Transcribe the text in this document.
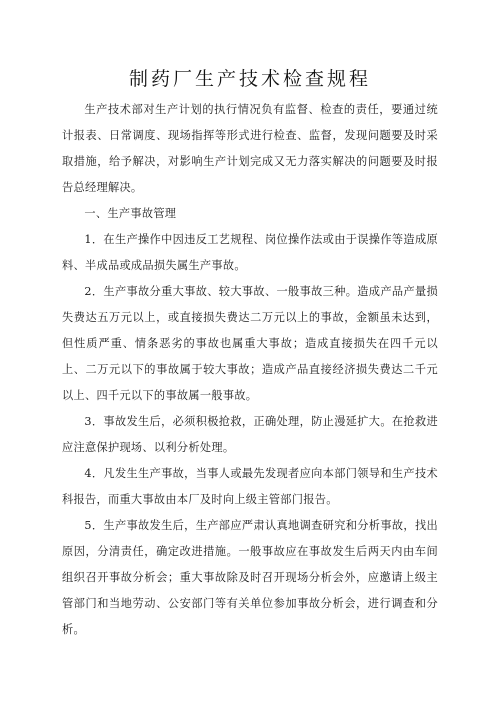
制药厂生产技术检查规程

生产技术部对生产计划的执行情况负有监督、检查的责任，要通过统计报表、日常调度、现场指挥等形式进行检查、监督，发现问题要及时采取措施，给予解决，对影响生产计划完成又无力落实解决的问题要及时报告总经理解决。

一、生产事故管理

1．在生产操作中因违反工艺规程、岗位操作法或由于误操作等造成原料、半成品或成品损失属生产事故。

2．生产事故分重大事故、较大事故、一般事故三种。造成产品产量损失费达五万元以上，或直接损失费达二万元以上的事故，金额虽未达到，但性质严重、情条恶劣的事故也属重大事故；造成直接损失在四千元以上、二万元以下的事故属于较大事故；造成产品直接经济损失费达二千元以上、四千元以下的事故属一般事故。

3．事故发生后，必须积极抢救，正确处理，防止漫延扩大。在抢救进应注意保护现场、以利分析处理。

4．凡发生生产事故，当事人或最先发现者应向本部门领导和生产技术科报告，而重大事故由本厂及时向上级主管部门报告。

5．生产事故发生后，生产部应严肃认真地调查研究和分析事故，找出原因，分清责任，确定改进措施。一般事故应在事故发生后两天内由车间组织召开事故分析会；重大事故除及时召开现场分析会外，应邀请上级主管部门和当地劳动、公安部门等有关单位参加事故分析会，进行调查和分析。
